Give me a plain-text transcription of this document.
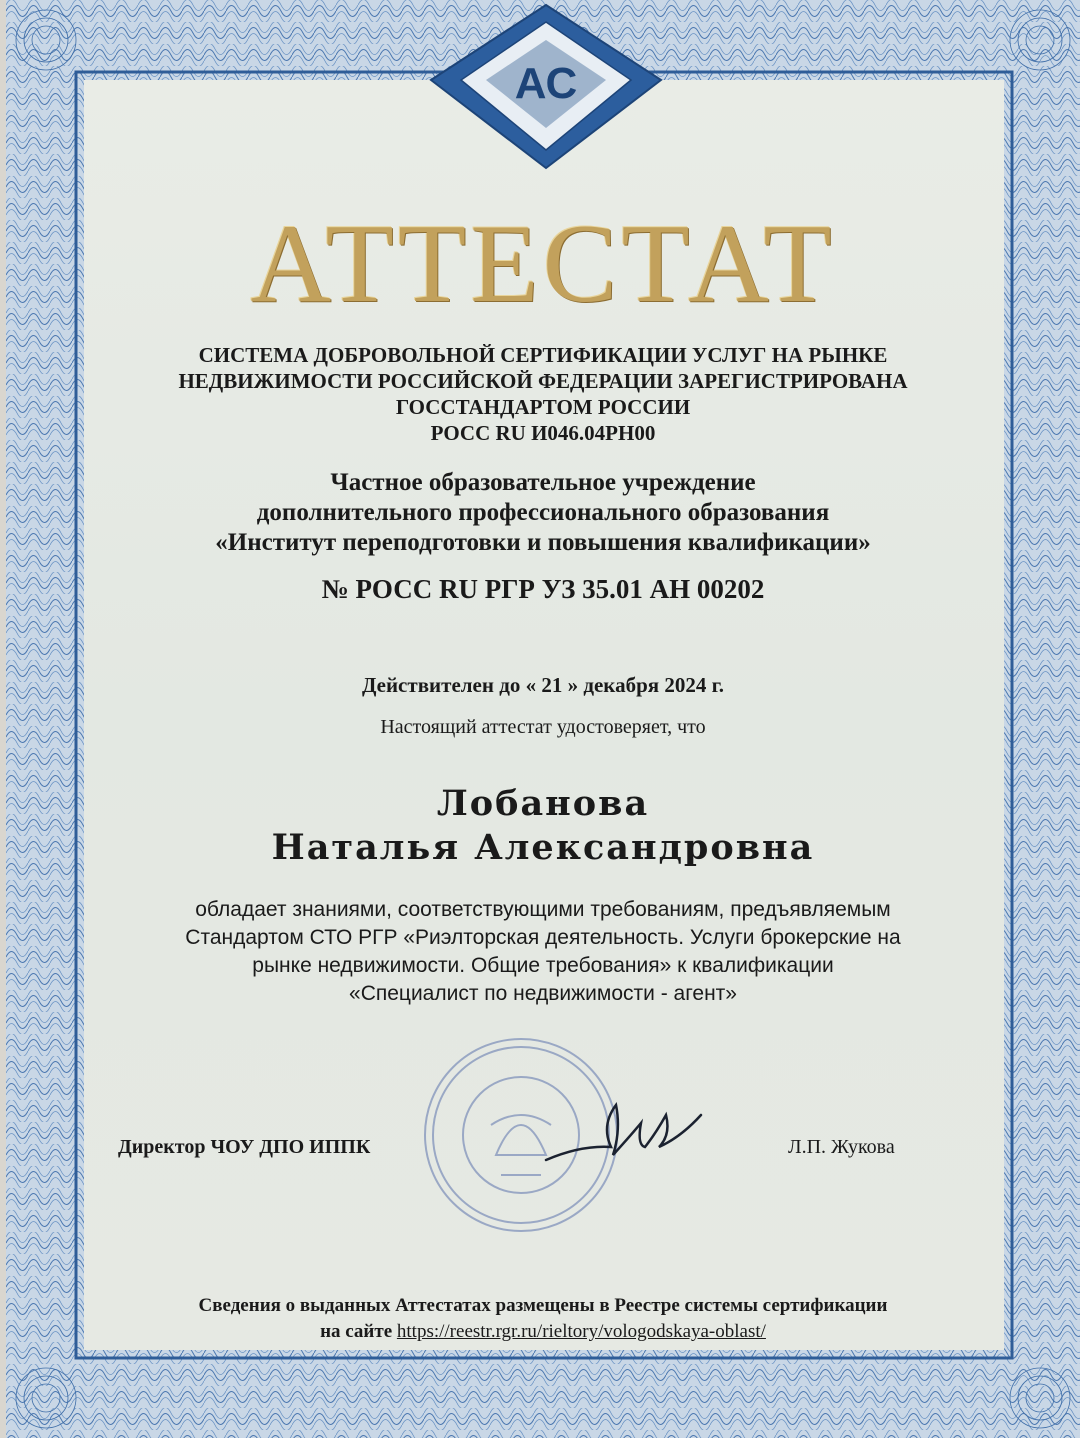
АС
АТТЕСТАТ
СИСТЕМА ДОБРОВОЛЬНОЙ СЕРТИФИКАЦИИ УСЛУГ НА РЫНКЕ
НЕДВИЖИМОСТИ РОССИЙСКОЙ ФЕДЕРАЦИИ ЗАРЕГИСТРИРОВАНА
ГОССТАНДАРТОМ РОССИИ
РОСС RU И046.04РН00
Частное образовательное учреждение
дополнительного профессионального образования
«Институт переподготовки и повышения квалификации»
№ РОСС RU РГР УЗ 35.01 АН 00202
Действителен до « 21 » декабря 2024 г.
Настоящий аттестат удостоверяет, что
Лобанова
Наталья Александровна
обладает знаниями, соответствующими требованиям, предъявляемым
Стандартом СТО РГР «Риэлторская деятельность. Услуги брокерские на
рынке недвижимости. Общие требования» к квалификации
«Специалист по недвижимости - агент»
Директор ЧОУ ДПО ИППК	Л.П. Жукова
Сведения о выданных Аттестатах размещены в Реестре системы сертификации
на сайте https://reestr.rgr.ru/rieltory/vologodskaya-oblast/
